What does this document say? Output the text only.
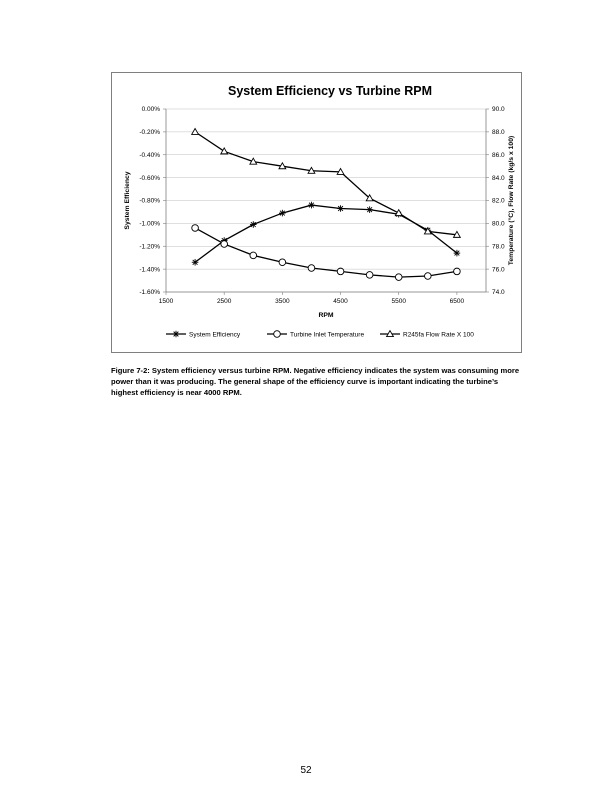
System Efficiency vs Turbine RPM
0.00%
-0.20%
-0.40%
-0.60%
-0.80%
-1.00%
-1.20%
-1.40%
-1.60%
90.0
88.0
86.0
84.0
82.0
80.0
78.0
76.0
74.0
1500	2500	3500	4500	5500	6500
RPM
System Efficiency	Temperature (°C), Flow Rate (kg/s x 100)
System Efficiency	Turbine Inlet Temperature	R245fa Flow Rate X 100
Figure 7-2: System efficiency versus turbine RPM. Negative efficiency indicates the system was consuming more power than it was producing. The general shape of the efficiency curve is important indicating the turbine’s highest efficiency is near 4000 RPM.
52
